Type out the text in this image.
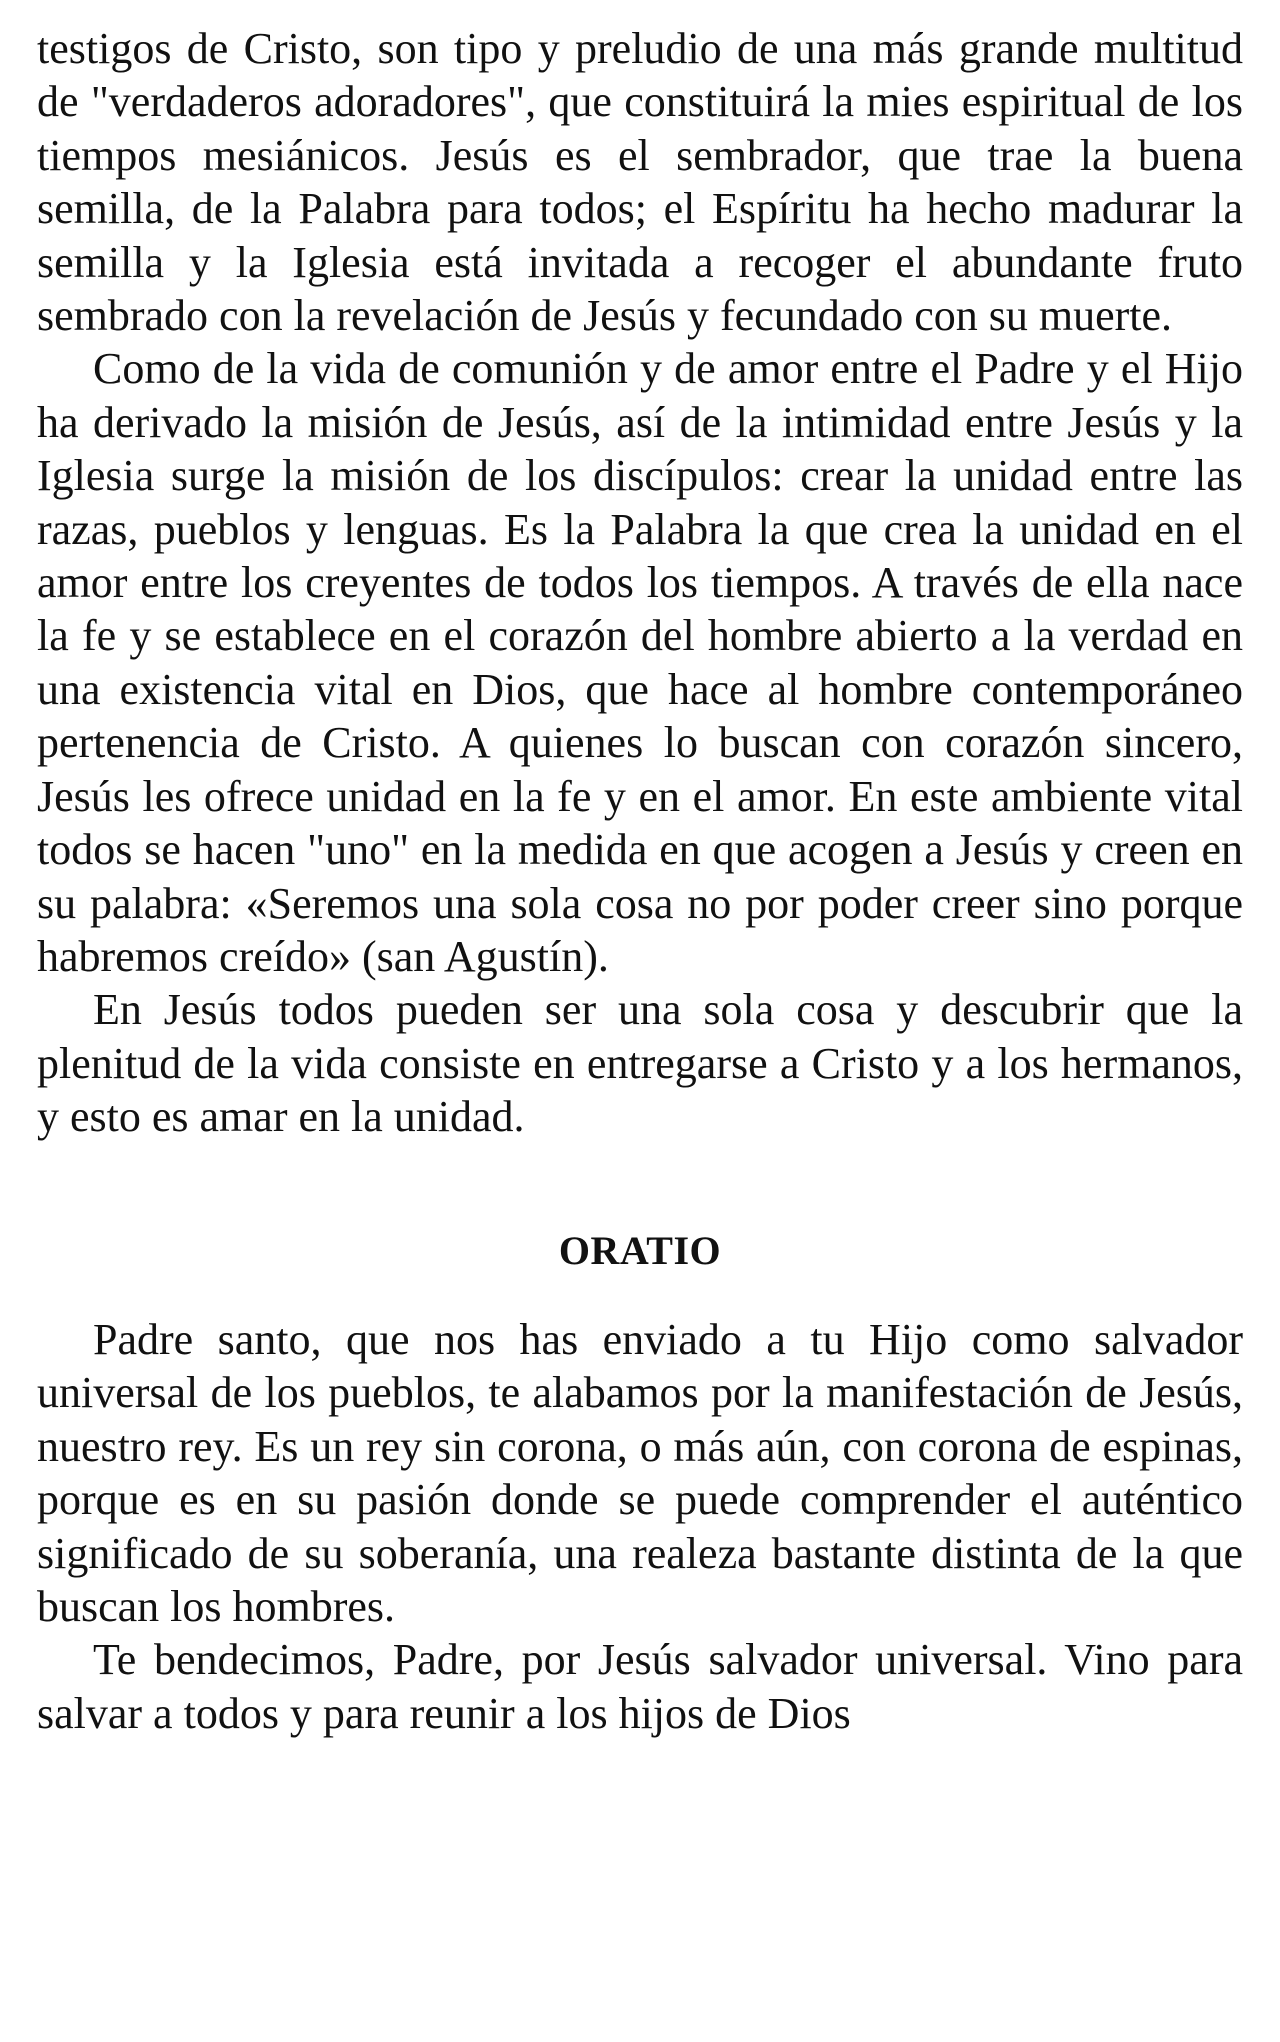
testigos de Cristo, son tipo y preludio de una más grande multitud de "verdaderos adoradores", que constituirá la mies espiritual de los tiempos mesiánicos. Jesús es el sembrador, que trae la buena semilla, de la Palabra para todos; el Espíritu ha hecho madurar la semilla y la Iglesia está invitada a recoger el abundante fruto sembrado con la revelación de Jesús y fecundado con su muerte.

Como de la vida de comunión y de amor entre el Padre y el Hijo ha derivado la misión de Jesús, así de la intimidad entre Jesús y la Iglesia surge la misión de los discípulos: crear la unidad entre las razas, pueblos y lenguas. Es la Palabra la que crea la unidad en el amor entre los creyentes de todos los tiempos. A través de ella nace la fe y se establece en el corazón del hombre abierto a la verdad en una existencia vital en Dios, que hace al hombre contemporáneo pertenencia de Cristo. A quienes lo buscan con corazón sincero, Jesús les ofrece unidad en la fe y en el amor. En este ambiente vital todos se hacen "uno" en la medida en que acogen a Jesús y creen en su palabra: «Seremos una sola cosa no por poder creer sino porque habremos creído» (san Agustín).

En Jesús todos pueden ser una sola cosa y descubrir que la plenitud de la vida consiste en entregarse a Cristo y a los hermanos, y esto es amar en la unidad.

ORATIO

Padre santo, que nos has enviado a tu Hijo como salvador universal de los pueblos, te alabamos por la manifestación de Jesús, nuestro rey. Es un rey sin corona, o más aún, con corona de espinas, porque es en su pasión donde se puede comprender el auténtico significado de su soberanía, una realeza bastante distinta de la que buscan los hombres.

Te bendecimos, Padre, por Jesús salvador universal. Vino para salvar a todos y para reunir a los hijos de Dios
